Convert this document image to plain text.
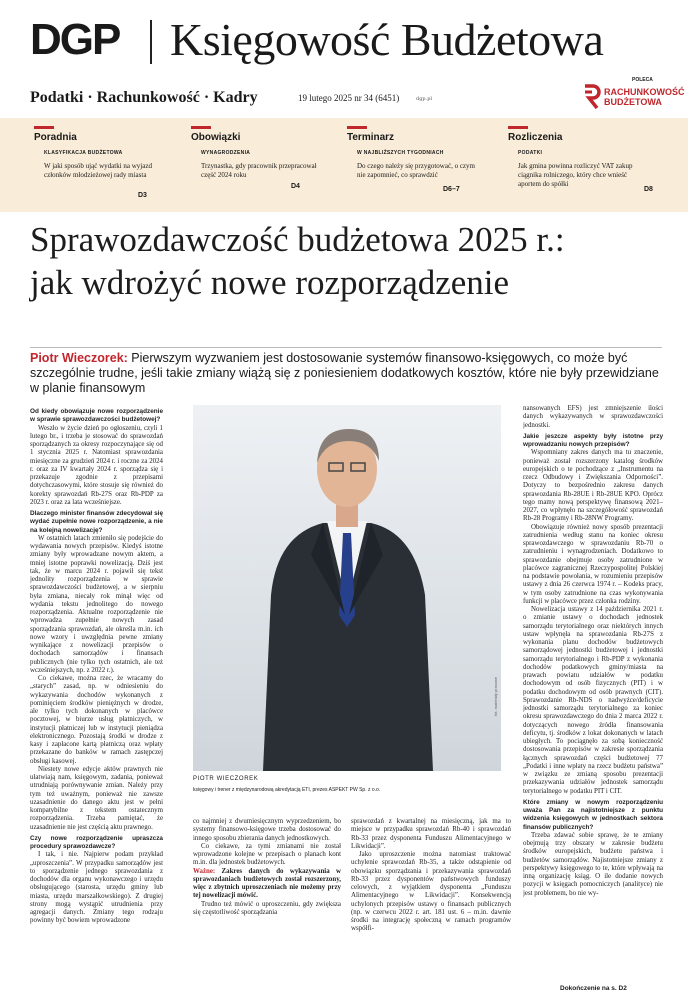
DGP Księgowość Budżetowa
Podatki · Rachunkowość · Kadry	19 lutego 2025 nr 34 (6451)	dgp.pl
POLECA
RACHUNKOWOŚĆ
BUDŻETOWA
Poradnia
KLASYFIKACJA BUDŻETOWA
W jaki sposób ująć wydatki na wyjazd członków młodzieżowej rady miasta
D3
Obowiązki
WYNAGRODZENIA
Trzynastka, gdy pracownik przepracował część 2024 roku
D4
Terminarz
W NAJBLIŻSZYCH TYGODNIACH
Do czego należy się przygotować, o czym nie zapomnieć, co sprawdzić
D6–7
Rozliczenia
PODATKI
Jak gmina powinna rozliczyć VAT zakup ciągnika rolniczego, który chce wnieść aportem do spółki
D8
Sprawozdawczość budżetowa 2025 r.:
jak wdrożyć nowe rozporządzenie
Piotr Wieczorek: Pierwszym wyzwaniem jest dostosowanie systemów finansowo-księgowych, co może być szczególnie trudne, jeśli takie zmiany wiążą się z poniesieniem dodatkowych kosztów, które nie były przewidziane w planie finansowym

Od kiedy obowiązuje nowe rozporządzenie w sprawie sprawozdawczości budżetowej?

Weszło w życie dzień po ogłoszeniu, czyli 1 lutego br., i trzeba je stosować do sprawozdań sporządzanych za okresy rozpoczynające się od 1 stycznia 2025 r. Natomiast sprawozdania miesięczne za grudzień 2024 r. i roczne za 2024 r. oraz za IV kwartały 2024 r. sporządza się i przekazuje zgodnie z przepisami dotychczasowymi, które stosuje się również do korekty sprawozdań Rb-27S oraz Rb-PDP za 2023 r. oraz za lata wcześniejsze.

Dlaczego minister finansów zdecydował się wydać zupełnie nowe rozporządzenie, a nie na kolejną nowelizację?

W ostatnich latach zmieniło się podejście do wydawania nowych przepisów. Kiedyś istotne zmiany były wprowadzane nowym aktem, a mniej istotne poprawki nowelizacją. Dziś jest tak, że w marcu 2024 r. pojawił się tekst jednolity rozporządzenia w sprawie sprawozdawczości budżetowej, a w sierpniu była zmiana, niecały rok minął więc od wydania tekstu jednolitego do nowego rozporządzenia. Aktualne rozporządzenie nie wprowadza zupełnie nowych zasad sporządzania sprawozdań, ale określa m.in. ich nowe wzory i uwzględnia pewne zmiany wynikające z nowelizacji przepisów o dochodach samorządów i finansach publicznych (nie tylko tych ostatnich, ale też wcześniejszych, np. z 2022 r.).

Co ciekawe, można rzec, że wracamy do „starych” zasad, np. w odniesieniu do wykazywania dochodów wykonanych z pominięciem środków pieniężnych w drodze, ale tylko tych dokonanych w placówce pocztowej, w biurze usług płatniczych, w instytucji płatniczej lub w instytucji pieniądza elektronicznego. Pozostają środki w drodze z kasy i zapłacone kartą płatniczą oraz wpłaty przekazane do banków w ramach zastępczej obsługi kasowej.

Niestety nowe edycje aktów prawnych nie ułatwiają nam, księgowym, zadania, ponieważ utrudniają porównywanie zmian. Należy przy tym też uważnym, ponieważ nie zawsze uzasadnienie do danego aktu jest w pełni kompatybilne z tekstem ostatecznym rozporządzenia. Trzeba pamiętać, że uzasadnienie nie jest częścią aktu prawnego.

Czy nowe rozporządzenie upraszcza procedury sprawozdawcze?

I tak, i nie. Najpierw podam przykład „uproszczenia”. W przypadku samorządów jest to sporządzenie jednego sprawozdania z dochodów dla organu wykonawczego i urzędu obsługującego (starosta, urzędu gminy lub miasta, urzędu marszałkowskiego). Z drugiej strony mogą wystąpić utrudnienia przy agregacji danych. Zmiany tego rodzaju powinny być bowiem wprowadzone

co najmniej z dwumiesięcznym wyprzedzeniem, bo systemy finansowo-księgowe trzeba dostosować do innego sposobu zbierania danych jednostkowych.

Co ciekawe, za tymi zmianami nie został wprowadzone kolejne w przepisach o planach kont m.in. dla jednostek budżetowych.

Ważne: Zakres danych do wykazywania w sprawozdaniach budżetowych został rozszerzony, więc z zbytnich uproszczeniach nie możemy przy tej nowelizacji mówić.

Trudno też mówić o uproszczeniu, gdy zwiększa się częstotliwość sporządzania

sprawozdań z kwartalnej na miesięczną, jak ma to miejsce w przypadku sprawozdań Rb-40 i sprawozdań Rb-33 przez dysponenta Funduszu Alimentacyjnego w Likwidacji”.

Jako uproszczenie można natomiast traktować uchylenie sprawozdań Rb-35, a także odstąpienie od obowiązku sporządzania i przekazywania sprawozdań Rb-33 przez dysponentów państwowych funduszy celowych, z wyjątkiem dysponenta „Funduszu Alimentacyjnego w Likwidacji”. Konsekwencją uchylonych przepisów ustawy o finansach publicznych (np. w czerwcu 2022 r. art. 181 ust. 6 – m.in. dawnie środki na integrację społeczną w ramach programów współfi-

nansowanych EFS) jest zmniejszenie ilości danych wykazywanych w sprawozdawczości jednostki.

Jakie jeszcze aspekty były istotne przy wprowadzaniu nowych przepisów?

Wspomniany zakres danych ma tu znaczenie, ponieważ został rozszerzony katalog środków europejskich o te pochodzące z „Instrumentu na rzecz Odbudowy i Zwiększania Odporności”. Dotyczy to bezpośrednio zakresu danych sprawozdania Rb-28UE i Rb-28UE KPO. Oprócz tego mamy nową perspektywę finansową 2021–2027, co wpłynęło na szczegółowość sprawozdań Rb-28 Programy i Rb-28NW Programy.

Obowiązuje również nowy sposób prezentacji zatrudnienia według stanu na koniec okresu sprawozdawczego w sprawozdaniu Rb-70 o zatrudnieniu i wynagrodzeniach. Dodatkowo to sprawozdanie obejmuje osoby zatrudnione w placówce zagranicznej Rzeczypospolitej Polskiej na podstawie powołania, w rozumieniu przepisów ustawy z dnia 26 czerwca 1974 r. – Kodeks pracy, w tym osoby zatrudnione na czas wykonywania funkcji w placówce przez członka rodziny.

Nowelizacja ustawy z 14 października 2021 r. o zmianie ustawy o dochodach jednostek samorządu terytorialnego oraz niektórych innych ustaw wpłynęła na sprawozdania Rb-27S z wykonania planu dochodów budżetowych samorządowej jednostki budżetowej i jednostki samorządu terytorialnego i Rb-PDP z wykonania dochodów podatkowych gminy/miasta na prawach powiatu udziałów w podatku dochodowym od osób fizycznych (PIT) i w podatku dochodowym od osób prawnych (CIT). Sprawozdanie Rb-NDS o nadwyżce/deficycie jednostki samorządu terytorialnego za koniec okresu sprawozdawczego do dnia 2 marca 2022 r. dotyczących nowego źródła finansowania deficytu, tj. środków z lokat dokonanych w latach ubiegłych. To pociągnęło za sobą konieczność dostosowania przepisów w zakresie sporządzania łącznych sprawozdań części budżetowej 77 „Podatki i inne wpłaty na rzecz budżetu państwa” w związku ze zmianą sposobu prezentacji przekazywania udziałów jednostek samorządu terytorialnego w podatku PIT i CIT.

Które zmiany w nowym rozporządzeniu uważa Pan za najistotniejsze z punktu widzenia księgowych w jednostkach sektora finansów publicznych?

Trzeba zdawać sobie sprawę, że te zmiany obejmują trzy obszary w zakresie budżetu środków europejskich, budżetu państwa i budżetów samorządów. Najistotniejsze zmiany z perspektywy księgowego to te, które wpływają na inną organizację ksiąg. O ile dodanie nowych pozycji w księgach pomocniczych (analityce) nie jest problemem, bo nie wy-

fot. materiały prasowe
PIOTR WIECZOREK
księgowy i trener z międzynarodową akredytacją ETI, prezes ASPEKT PW Sp. z o.o.
Dokończenie na s. D2
